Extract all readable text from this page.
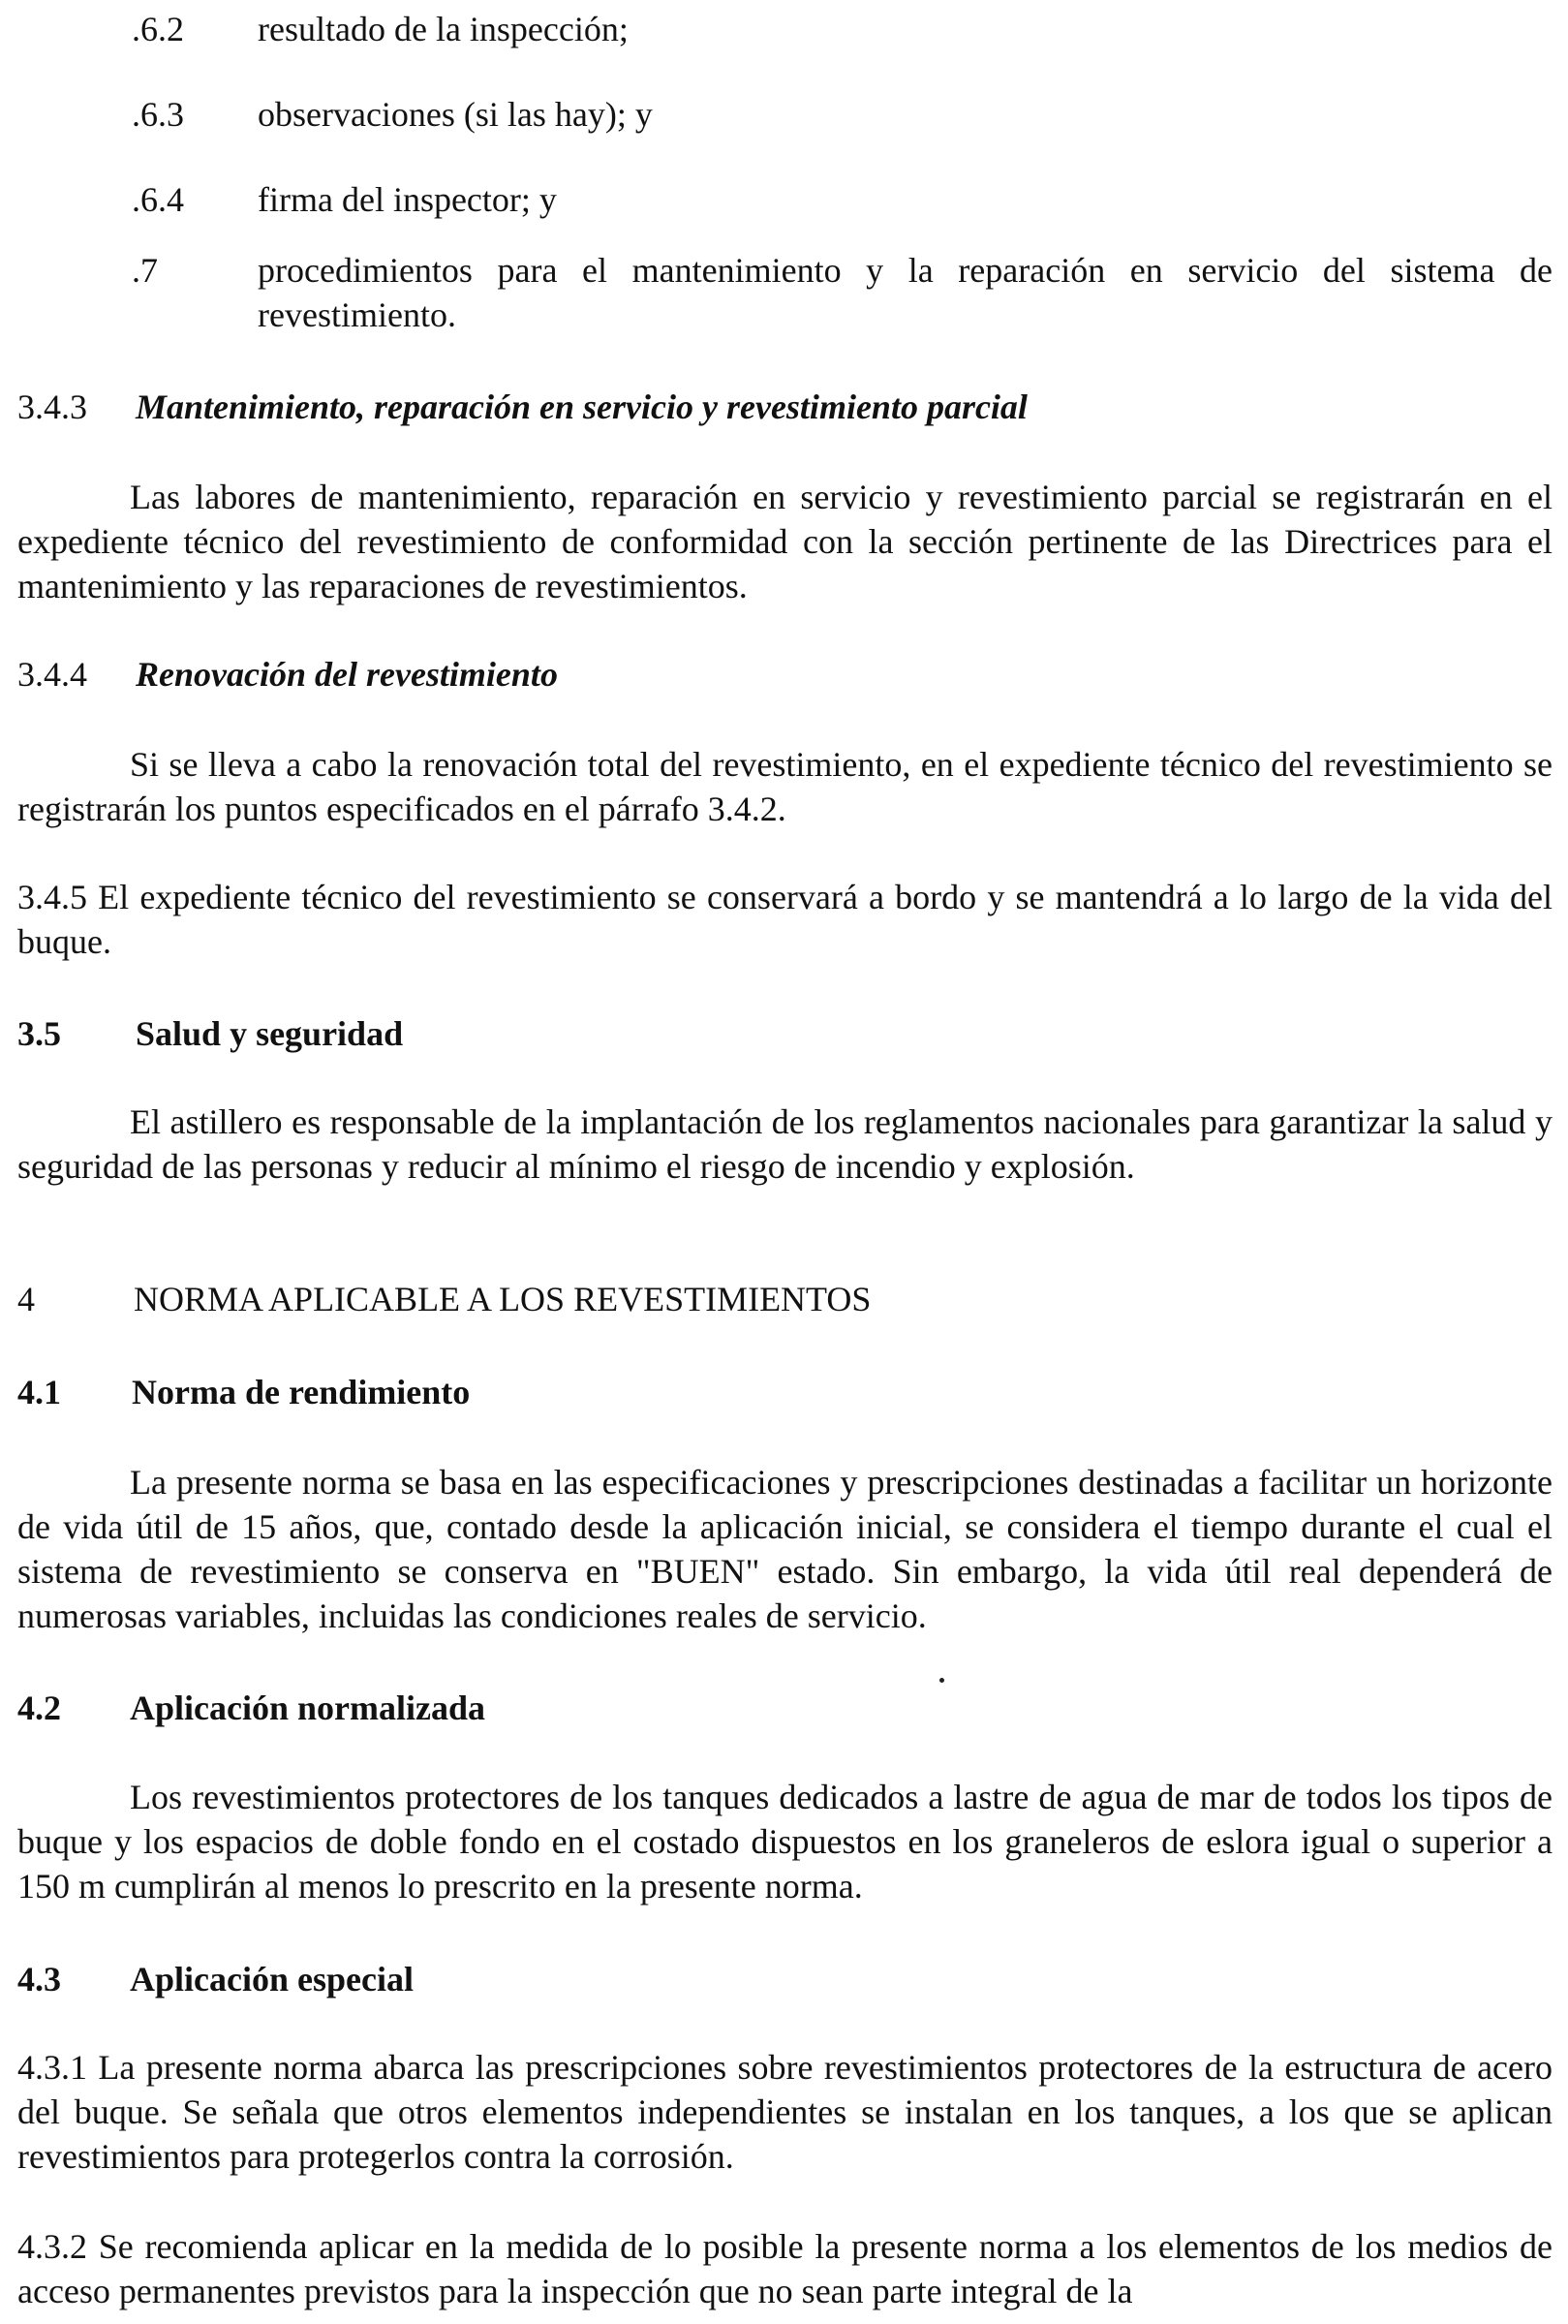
.6.2 resultado de la inspección;
.6.3 observaciones (si las hay); y
.6.4 firma del inspector; y
.7	procedimientos para el mantenimiento y la reparación en servicio del sistema de revestimiento.
3.4.3 Mantenimiento, reparación en servicio y revestimiento parcial
Las labores de mantenimiento, reparación en servicio y revestimiento parcial se registrarán en el expediente técnico del revestimiento de conformidad con la sección pertinente de las Directrices para el mantenimiento y las reparaciones de revestimientos.
3.4.4 Renovación del revestimiento
Si se lleva a cabo la renovación total del revestimiento, en el expediente técnico del revestimiento se registrarán los puntos especificados en el párrafo 3.4.2.
3.4.5 El expediente técnico del revestimiento se conservará a bordo y se mantendrá a lo largo de la vida del buque.
3.5 Salud y seguridad
El astillero es responsable de la implantación de los reglamentos nacionales para garantizar la salud y seguridad de las personas y reducir al mínimo el riesgo de incendio y explosión.
4	NORMA APLICABLE A LOS REVESTIMIENTOS
4.1 Norma de rendimiento
La presente norma se basa en las especificaciones y prescripciones destinadas a facilitar un horizonte de vida útil de 15 años, que, contado desde la aplicación inicial, se considera el tiempo durante el cual el sistema de revestimiento se conserva en "BUEN" estado. Sin embargo, la vida útil real dependerá de numerosas variables, incluidas las condiciones reales de servicio.
4.2 Aplicación normalizada
Los revestimientos protectores de los tanques dedicados a lastre de agua de mar de todos los tipos de buque y los espacios de doble fondo en el costado dispuestos en los graneleros de eslora igual o superior a 150 m cumplirán al menos lo prescrito en la presente norma.
4.3 Aplicación especial
4.3.1 La presente norma abarca las prescripciones sobre revestimientos protectores de la estructura de acero del buque. Se señala que otros elementos independientes se instalan en los tanques, a los que se aplican revestimientos para protegerlos contra la corrosión.
4.3.2 Se recomienda aplicar en la medida de lo posible la presente norma a los elementos de los medios de acceso permanentes previstos para la inspección que no sean parte integral de la
